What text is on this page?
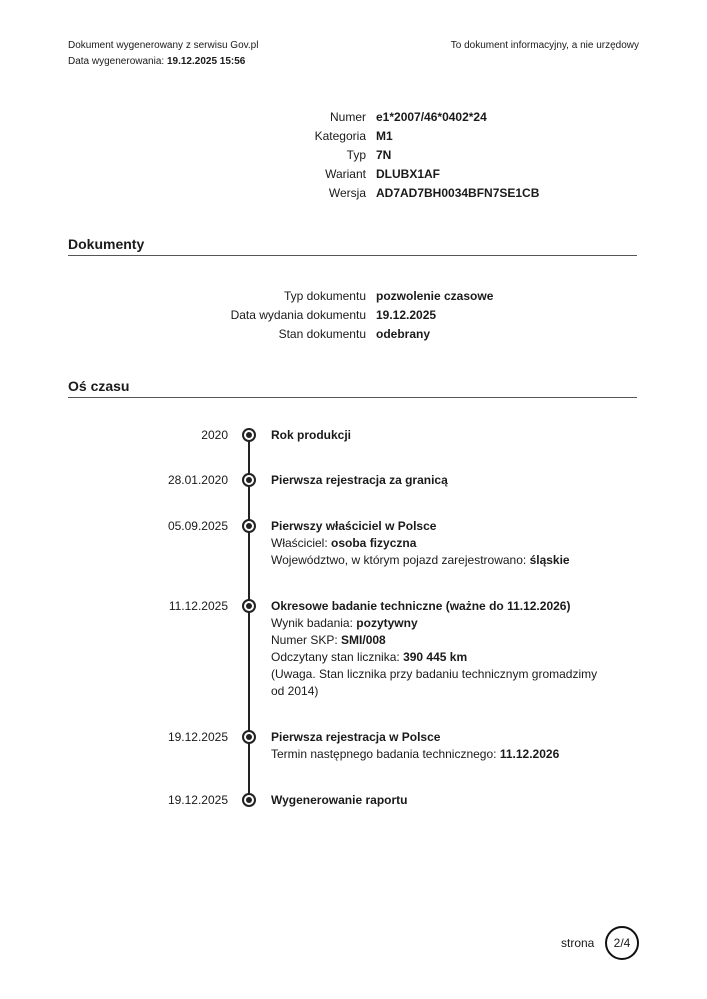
Dokument wygenerowany z serwisu Gov.pl
Data wygenerowania: 19.12.2025 15:56
To dokument informacyjny, a nie urzędowy
Numer e1*2007/46*0402*24
Kategoria M1
Typ 7N
Wariant DLUBX1AF
Wersja AD7AD7BH0034BFN7SE1CB
Dokumenty
Typ dokumentu pozwolenie czasowe
Data wydania dokumentu 19.12.2025
Stan dokumentu odebrany
Oś czasu
2020	Rok produkcji
28.01.2020	Pierwsza rejestracja za granicą
05.09.2025	Pierwszy właściciel w Polsce
Właściciel: osoba fizyczna
Województwo, w którym pojazd zarejestrowano: śląskie
11.12.2025	Okresowe badanie techniczne (ważne do 11.12.2026)
Wynik badania: pozytywny
Numer SKP: SMI/008
Odczytany stan licznika: 390 445 km
(Uwaga. Stan licznika przy badaniu technicznym gromadzimy od 2014)
19.12.2025	Pierwsza rejestracja w Polsce
Termin następnego badania technicznego: 11.12.2026
19.12.2025	Wygenerowanie raportu
strona	2/4
